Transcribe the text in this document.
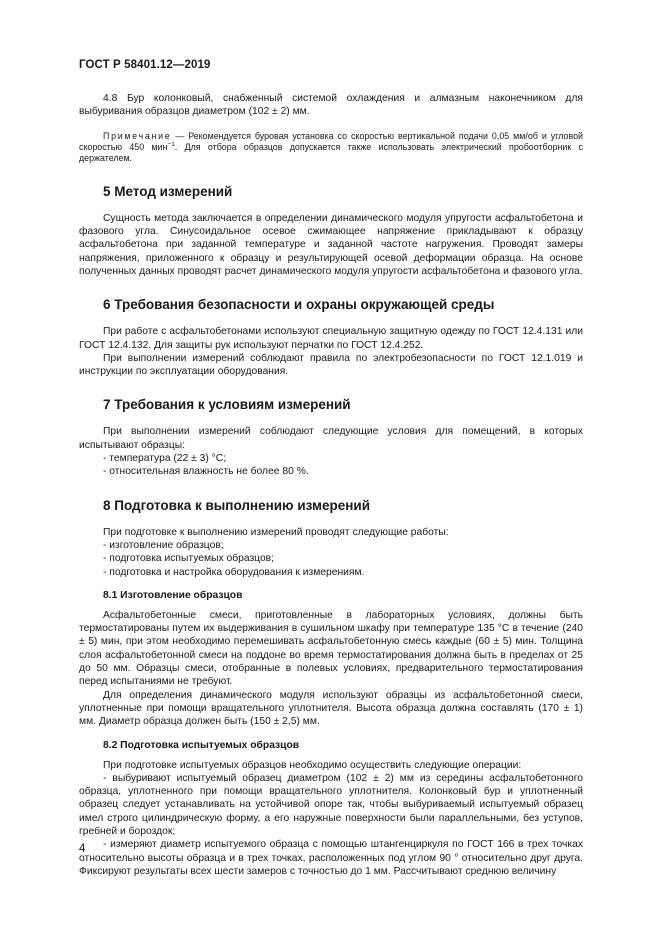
ГОСТ Р 58401.12—2019

4.8 Бур колонковый, снабженный системой охлаждения и алмазным наконечником для выбуривания образцов диаметром (102 ± 2) мм.

Примечание — Рекомендуется буровая установка со скоростью вертикальной подачи 0,05 мм/об и угловой скоростью 450 мин$^{-1}$. Для отбора образцов допускается также использовать электрический пробоотборник с держателем.

5 Метод измерений

Сущность метода заключается в определении динамического модуля упругости асфальтобетона и фазового угла. Синусоидальное осевое сжимающее напряжение прикладывают к образцу асфальтобетона при заданной температуре и заданной частоте нагружения. Проводят замеры напряжения, приложенного к образцу и результирующей осевой деформации образца. На основе полученных данных проводят расчет динамического модуля упругости асфальтобетона и фазового угла.

6 Требования безопасности и охраны окружающей среды

При работе с асфальтобетонами используют специальную защитную одежду по ГОСТ 12.4.131 или ГОСТ 12.4.132. Для защиты рук используют перчатки по ГОСТ 12.4.252.

При выполнении измерений соблюдают правила по электробезопасности по ГОСТ 12.1.019 и инструкции по эксплуатации оборудования.

7 Требования к условиям измерений

При выполнении измерений соблюдают следующие условия для помещений, в которых испытывают образцы:

- температура (22 ± 3) °C;

- относительная влажность не более 80 %.

8 Подготовка к выполнению измерений

При подготовке к выполнению измерений проводят следующие работы:

- изготовление образцов;

- подготовка испытуемых образцов;

- подготовка и настройка оборудования к измерениям.

8.1 Изготовление образцов

Асфальтобетонные смеси, приготовленные в лабораторных условиях, должны быть термостатированы путем их выдерживания в сушильном шкафу при температуре 135 °C в течение (240 ± 5) мин, при этом необходимо перемешивать асфальтобетонную смесь каждые (60 ± 5) мин. Толщина слоя асфальтобетонной смеси на поддоне во время термостатирования должна быть в пределах от 25 до 50 мм. Образцы смеси, отобранные в полевых условиях, предварительного термостатирования перед испытаниями не требуют.

Для определения динамического модуля используют образцы из асфальтобетонной смеси, уплотненные при помощи вращательного уплотнителя. Высота образца должна составлять (170 ± 1) мм. Диаметр образца должен быть (150 ± 2,5) мм.

8.2 Подготовка испытуемых образцов

При подготовке испытуемых образцов необходимо осуществить следующие операции:

- выбуривают испытуемый образец диаметром (102 ± 2) мм из середины асфальтобетонного образца, уплотненного при помощи вращательного уплотнителя. Колонковый бур и уплотненный образец следует устанавливать на устойчивой опоре так, чтобы выбуриваемый испытуемый образец имел строго цилиндрическую форму, а его наружные поверхности были параллельными, без уступов, гребней и бороздок;

- измеряют диаметр испытуемого образца с помощью штангенциркуля по ГОСТ 166 в трех точках относительно высоты образца и в трех точках, расположенных под углом 90 ° относительно друг друга. Фиксируют результаты всех шести замеров с точностью до 1 мм. Рассчитывают среднюю величину

4
